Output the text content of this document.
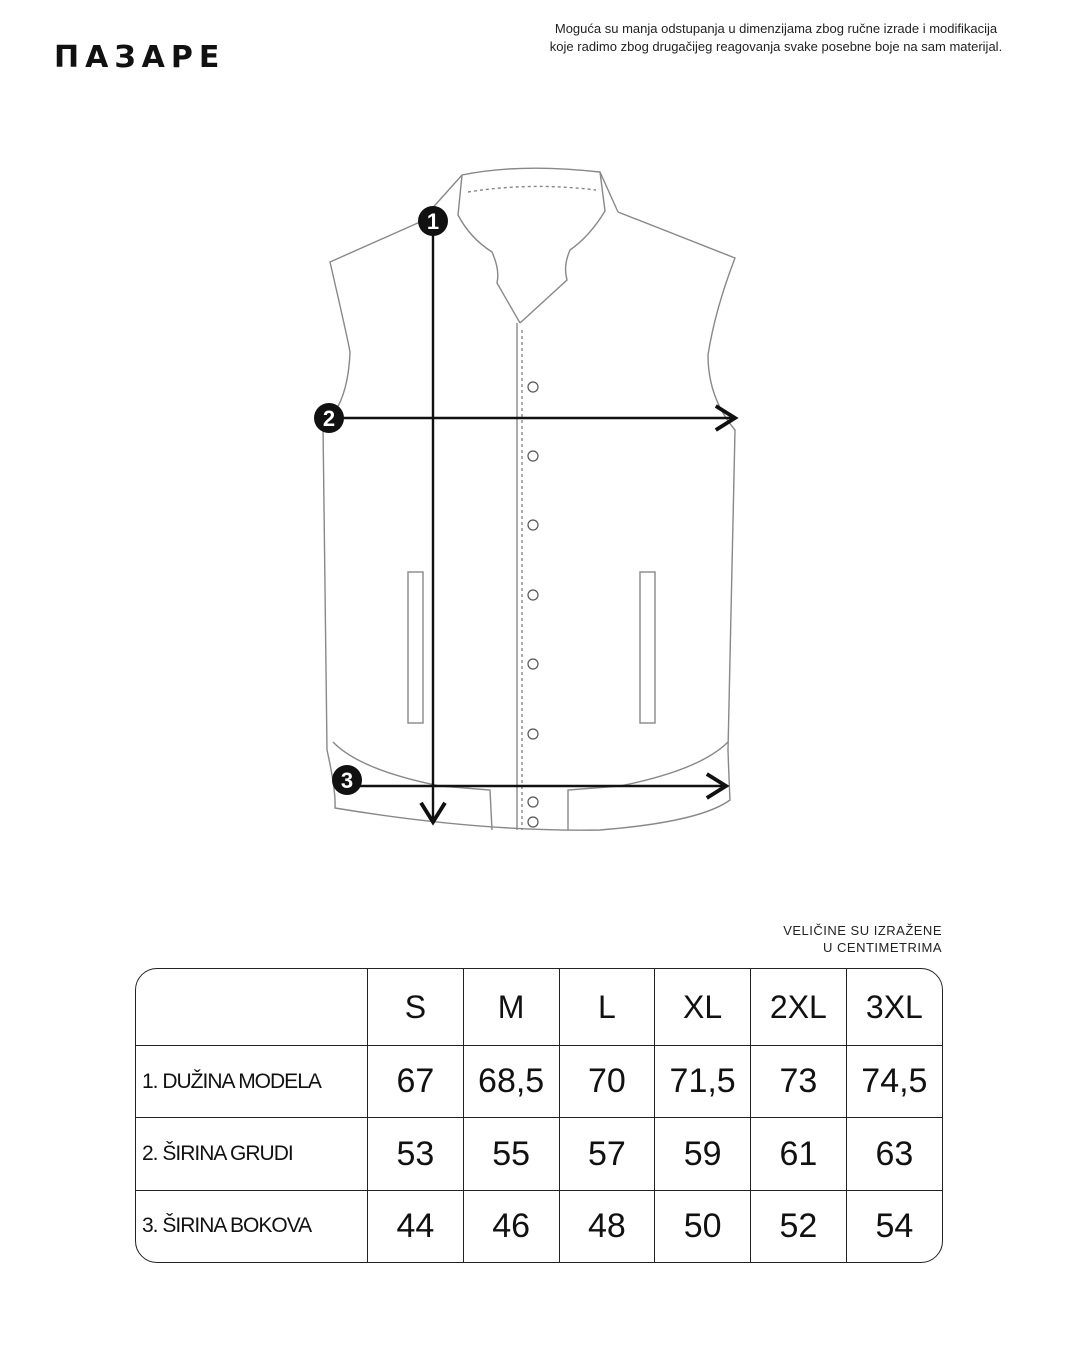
ΠАЗАРЕ
Moguća su manja odstupanja u dimenzijama zbog ručne izrade i modifikacija
koje radimo zbog drugačijeg reagovanja svake posebne boje na sam materijal.
1
2
3
VELIČINE SU IZRAŽENE
U CENTIMETRIMA
	S	M	L	XL	2XL	3XL
1. DUŽINA MODELA	67	68,5	70	71,5	73	74,5
2. ŠIRINA GRUDI	53	55	57	59	61	63
3. ŠIRINA BOKOVA	44	46	48	50	52	54
